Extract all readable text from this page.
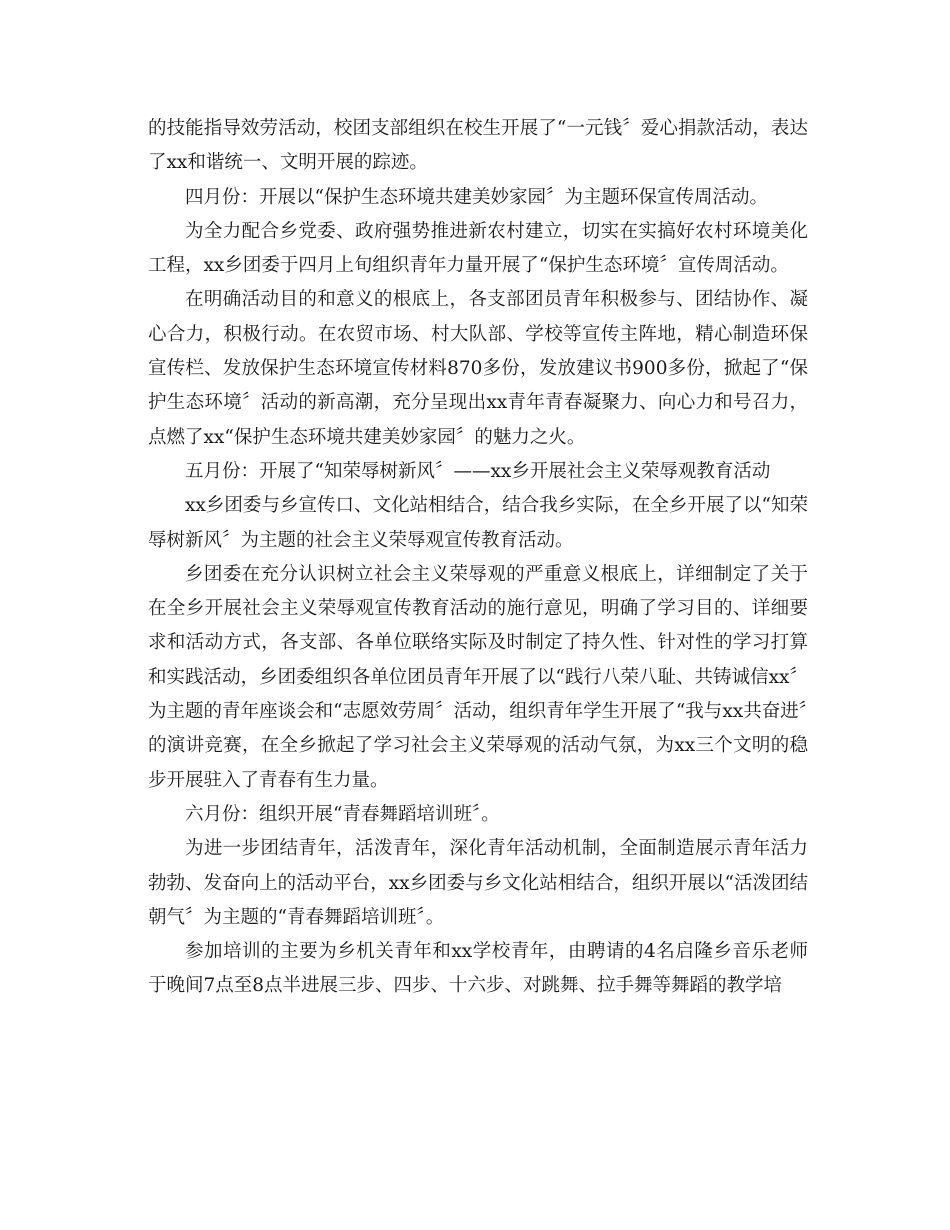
的技能指导效劳活动，校团支部组织在校生开展了“一元钱〞爱心捐款活动，表达了xx和谐统一、文明开展的踪迹。

四月份：开展以“保护生态环境共建美妙家园〞为主题环保宣传周活动。

为全力配合乡党委、政府强势推进新农村建立，切实在实搞好农村环境美化工程，xx乡团委于四月上旬组织青年力量开展了“保护生态环境〞宣传周活动。

在明确活动目的和意义的根底上，各支部团员青年积极参与、团结协作、凝心合力，积极行动。在农贸市场、村大队部、学校等宣传主阵地，精心制造环保宣传栏、发放保护生态环境宣传材料870多份，发放建议书900多份，掀起了“保护生态环境〞活动的新高潮，充分呈现出xx青年青春凝聚力、向心力和号召力，点燃了xx“保护生态环境共建美妙家园〞的魅力之火。

五月份：开展了“知荣辱树新风〞——xx乡开展社会主义荣辱观教育活动

xx乡团委与乡宣传口、文化站相结合，结合我乡实际，在全乡开展了以“知荣辱树新风〞为主题的社会主义荣辱观宣传教育活动。

乡团委在充分认识树立社会主义荣辱观的严重意义根底上，详细制定了关于在全乡开展社会主义荣辱观宣传教育活动的施行意见，明确了学习目的、详细要求和活动方式，各支部、各单位联络实际及时制定了持久性、针对性的学习打算和实践活动，乡团委组织各单位团员青年开展了以“践行八荣八耻、共铸诚信xx〞为主题的青年座谈会和“志愿效劳周〞活动，组织青年学生开展了“我与xx共奋进〞的演讲竞赛，在全乡掀起了学习社会主义荣辱观的活动气氛，为xx三个文明的稳步开展驻入了青春有生力量。

六月份：组织开展“青春舞蹈培训班〞。

为进一步团结青年，活泼青年，深化青年活动机制，全面制造展示青年活力勃勃、发奋向上的活动平台，xx乡团委与乡文化站相结合，组织开展以“活泼团结朝气〞为主题的“青春舞蹈培训班〞。

参加培训的主要为乡机关青年和xx学校青年，由聘请的4名启隆乡音乐老师于晚间7点至8点半进展三步、四步、十六步、对跳舞、拉手舞等舞蹈的教学培
